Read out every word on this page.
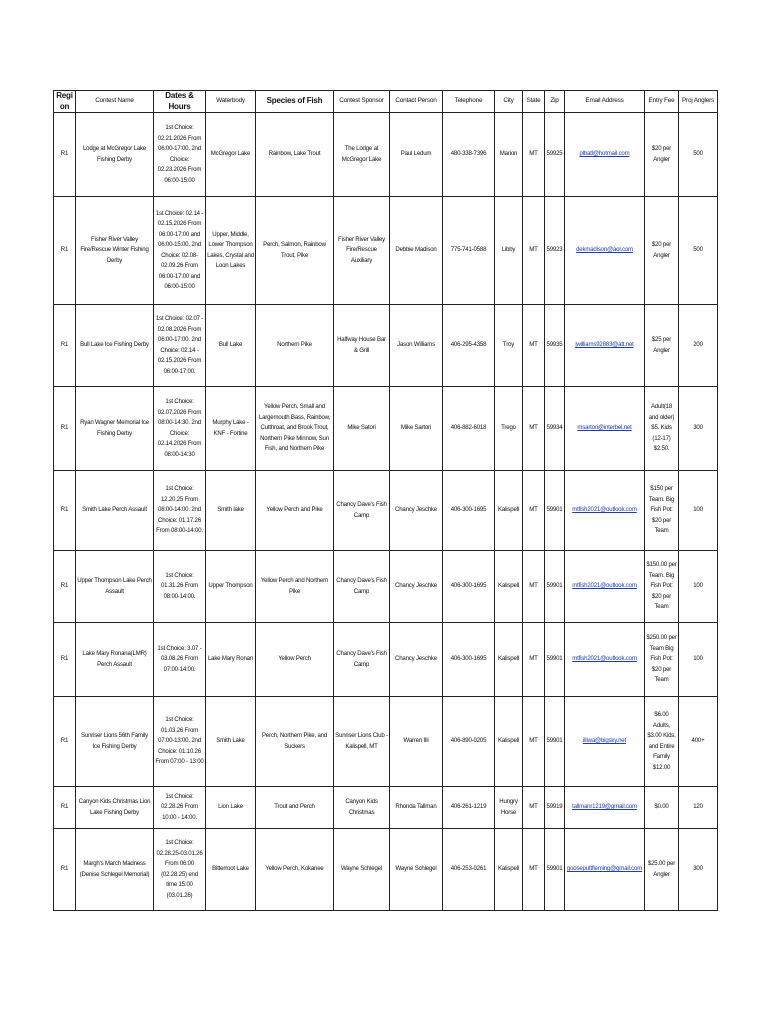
Region	Contest Name	Dates & Hours	Waterbody	Species of Fish	Contest Sponsor	Contact Person	Telephone	City	State	Zip	Email Address	Entry Fee	Proj Anglers
R1	Lodge at McGregor Lake Fishing Derby	1st Choice: 02.21.2026 From 06:00-17:00. 2nd Choice: 02.23.2026 From 06:00-15:00	McGregor Lake	Rainbow, Lake Trout	The Lodge at McGregor Lake	Paul Ledum	480-338-7396	Marion	MT	59925	plbatl@hotmail.com	$20 per Angler	500
R1	Fisher River Valley Fire/Rescue Winter Fishing Derby	1st Choice: 02.14 - 02.15.2026 From 06:00-17:00 and 06:00-15:00. 2nd Choice: 02.08-02.09.26 From 06:00-17:00 and 06:00-15:00	Upper, Middle, Lower Thompson Lakes, Crystal and Loon Lakes	Perch, Salmon, Rainbow Trout, Pike	Fisher River Valley Fire/Rescue Auxiliary	Debbie Madison	775-741-0588	Libby	MT	59923	dekmadison@aol.com	$20 per Angler	500
R1	Bull Lake Ice Fishing Derby	1st Choice: 02.07 - 02.08.2026 From 06:00-17:00. 2nd Choice: 02.14 - 02.15.2026 From 06:00-17:00.	Bull Lake	Northern Pike	Halfway House Bar & Grill	Jason Williams	406-295-4358	Troy	MT	59935	jwilliams92883@att.net	$25 per Angler	200
R1	Ryan Wagner Memorial Ice Fishing Derby	1st Choice: 02.07.2026 From 08:00-14:30. 2nd Choice: 02.14.2026 From 08:00-14:30	Murphy Lake - KNF - Fortine	Yellow Perch, Small and Largemouth Bass, Rainbow, Cutthroat, and Brook Trout, Northern Pike Minnow, Sun Fish, and Northern Pike	Mike Satori	Mike Sartori	406-882-6018	Trego	MT	59934	msartori@interbel.net	Adult(18 and older) $5. Kids (12-17) $2.50.	300
R1	Smith Lake Perch Assault	1st Choice: 12.20.25 From 08:00-14:00. 2nd Choice: 01.17.26 From 08:00-14:00.	Smith lake	Yellow Perch and Pike	Chancy Dave's Fish Camp	Chancy Jeschke	406-300-1695	Kalispell	MT	59901	mtfish2021@outlook.com	$150 per Team. Big Fish Pot: $20 per Team	100
R1	Upper Thompson Lake Perch Assault	1st Choice: 01.31.26 From 08:00-14:00.	Upper Thompson	Yellow Perch and Northern Pike	Chancy Dave's Fish Camp	Chancy Jeschke	406-300-1695	Kalispell	MT	59901	mtfish2021@outlook.com	$150.00 per Team. Big Fish Pot: $20 per Team	100
R1	Lake Mary Ronana(LMR) Perch Assault	1st Choice: 3.07 - 03.08.26 From 07:00-14:00.	Lake Mary Ronan	Yellow Perch	Chancy Dave's Fish Camp	Chancy Jeschke	406-300-1695	Kalispell	MT	59901	mtfish2021@outlook.com	$250.00 per Team Big Fish Pot: $20 per Team	100
R1	Sunriser Lions 56th Family Ice Fishing Derby	1st Choice: 01.03.26 From 07:00-13:00. 2nd Choice: 01.10.26 From 07:00 - 13:00	Smith Lake	Perch, Northern Pike, and Suckers	Sunriser Lions Club - Kalispell, MT	Warren Illi	406-890-0205	Kalispell	MT	59901	illiwa@bigsky.net	$6.00 Adults, $3.00 Kids, and Entire Family $12.00	400+
R1	Canyon Kids Christmas Lion Lake Fishing Derby	1st Choice: 02.28.26 From 10:00 - 14:00.	Lion Lake	Trout and Perch	Canyon Kids Christmas	Rhonda Tallman	406-261-1219	Hungry Horse	MT	59919	tallmanr1219@gmail.com	$0.00	120
R1	Margh's March Madness (Denise Schlegel Memorial)	1st Choice: 02.28.25-03.01.26 From 06:00 (02.28.25) end time 15:00 (03.01.26)	Bitterroot Lake	Yellow Perch, Kokanee	Wayne Schlegel	Wayne Schlegel	406-253-0261	Kalispell	MT	59901	gooseputtfleming@gmail.com	$25.00 per Angler	300
